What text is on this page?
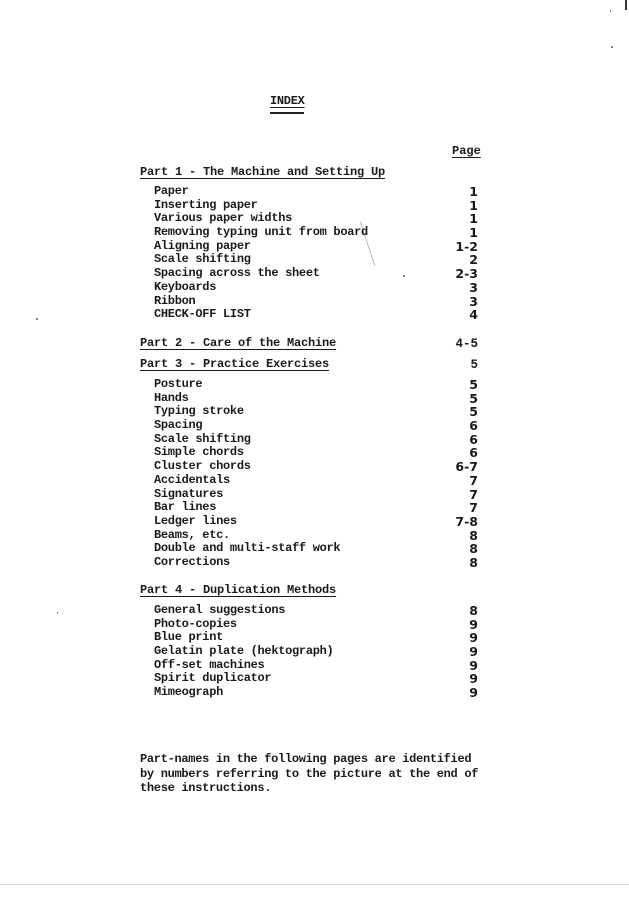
INDEX
Page
Part 1 - The Machine and Setting Up
Paper	1
Inserting paper	1
Various paper widths	1
Removing typing unit from board	1
Aligning paper	1-2
Scale shifting	2
Spacing across the sheet	2-3
Keyboards	3
Ribbon	3
CHECK-OFF LIST	4
Part 2 - Care of the Machine	4-5
Part 3 - Practice Exercises	5
Posture	5
Hands	5
Typing stroke	5
Spacing	6
Scale shifting	6
Simple chords	6
Cluster chords	6-7
Accidentals	7
Signatures	7
Bar lines	7
Ledger lines	7-8
Beams, etc.	8
Double and multi-staff work	8
Corrections	8
Part 4 - Duplication Methods
General suggestions	8
Photo-copies	9
Blue print	9
Gelatin plate (hektograph)	9
Off-set machines	9
Spirit duplicator	9
Mimeograph	9
Part-names in the following pages are identified
by numbers referring to the picture at the end of
these instructions.
